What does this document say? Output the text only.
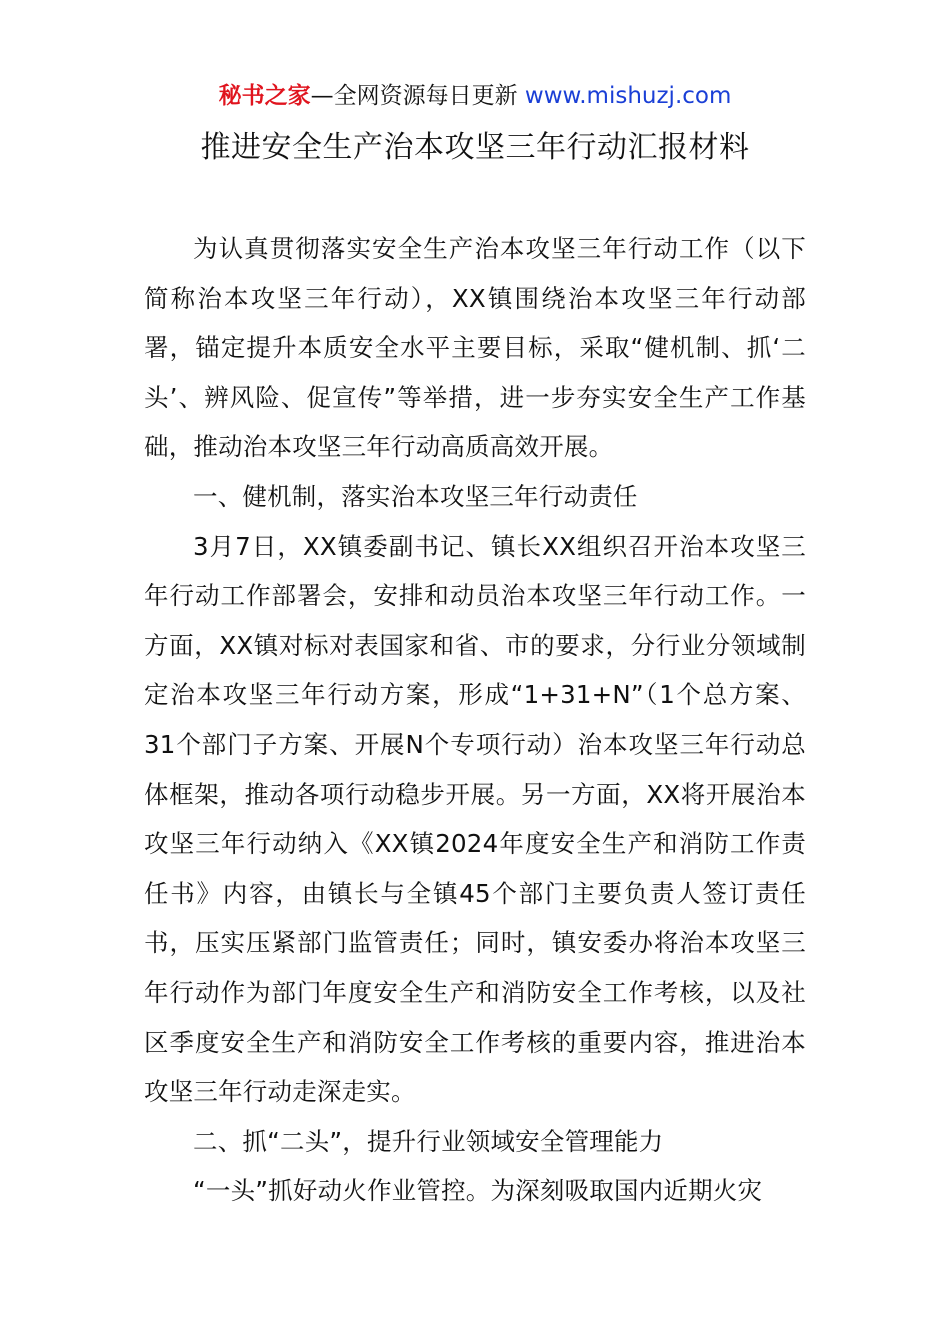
秘书之家—全网资源每日更新 www.mishuzj.com
推进安全生产治本攻坚三年行动汇报材料

为认真贯彻落实安全生产治本攻坚三年行动工作（以下简称治本攻坚三年行动），XX镇围绕治本攻坚三年行动部署，锚定提升本质安全水平主要目标，采取“健机制、抓‘二头’、辨风险、促宣传”等举措，进一步夯实安全生产工作基础，推动治本攻坚三年行动高质高效开展。

一、健机制，落实治本攻坚三年行动责任

3月7日，XX镇委副书记、镇长XX组织召开治本攻坚三年行动工作部署会，安排和动员治本攻坚三年行动工作。一方面，XX镇对标对表国家和省、市的要求，分行业分领域制定治本攻坚三年行动方案，形成“1+31+N”（1个总方案、31个部门子方案、开展N个专项行动）治本攻坚三年行动总体框架，推动各项行动稳步开展。另一方面，XX将开展治本攻坚三年行动纳入《XX镇2024年度安全生产和消防工作责任书》内容，由镇长与全镇45个部门主要负责人签订责任书，压实压紧部门监管责任；同时，镇安委办将治本攻坚三年行动作为部门年度安全生产和消防安全工作考核，以及社区季度安全生产和消防安全工作考核的重要内容，推进治本攻坚三年行动走深走实。

二、抓“二头”，提升行业领域安全管理能力

“一头”抓好动火作业管控。为深刻吸取国内近期火灾
